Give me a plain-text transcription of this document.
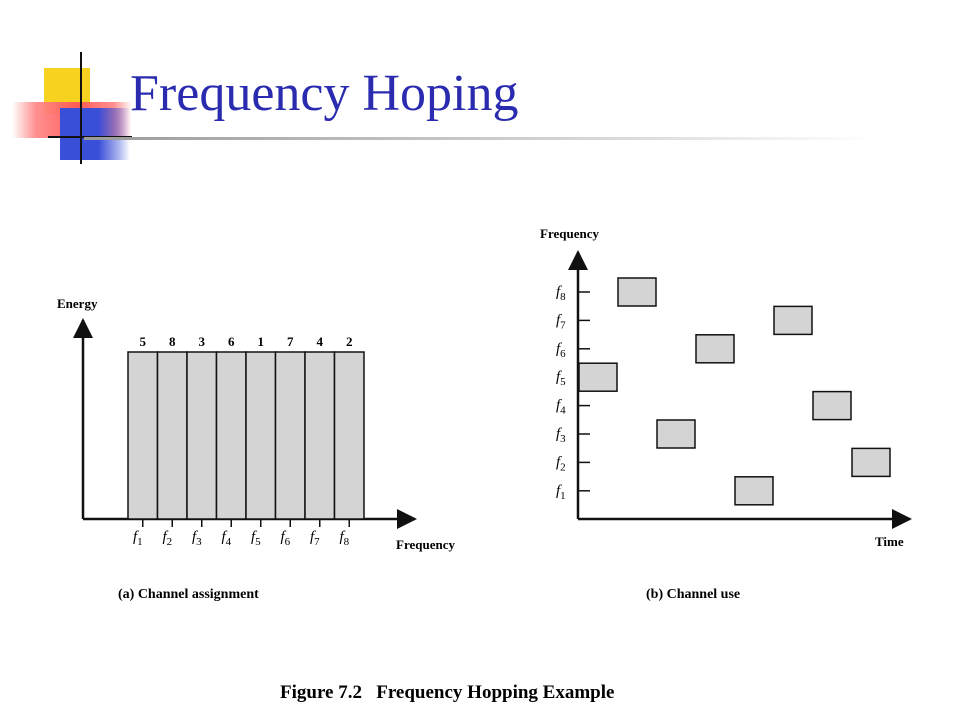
Frequency Hoping
Energy
Frequency
5
$f_1$
8
$f_2$
3
$f_3$
6
$f_4$
1
$f_5$
7
$f_6$
4
$f_7$
2
$f_8$
(a) Channel assignment
Frequency
Time
$f_8$
$f_7$
$f_6$
$f_5$
$f_4$
$f_3$
$f_2$
$f_1$
(b) Channel use
Figure 7.2   Frequency Hopping Example
